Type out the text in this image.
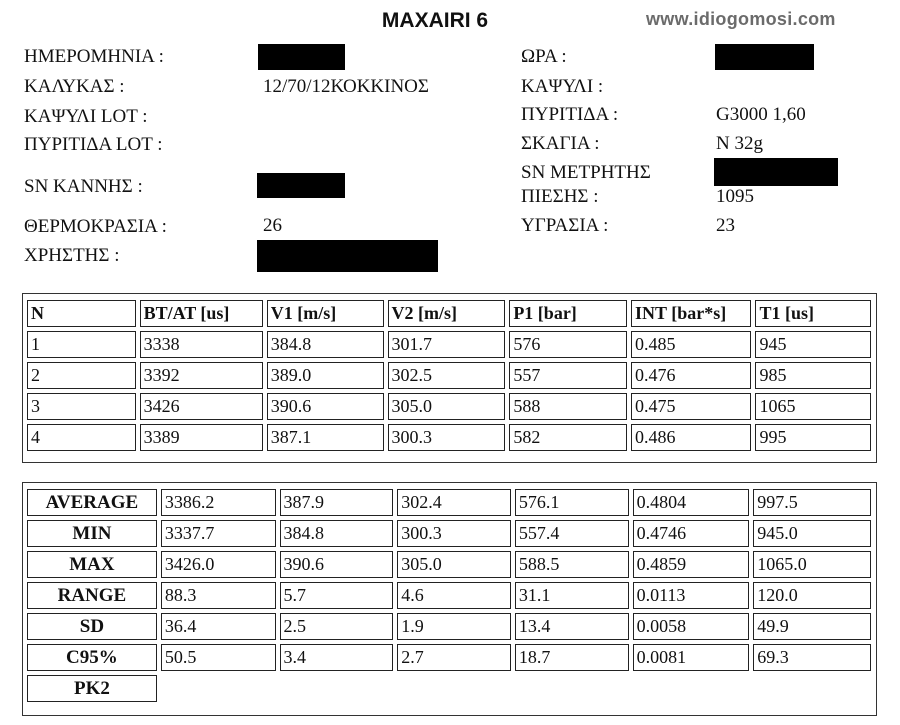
MAXAIRI 6	www.idiogomosi.com
ΗΜΕΡΟΜΗΝΙΑ :
ΚΑΛΥΚΑΣ :	12/70/12ΚΟΚΚΙΝΟΣ
ΚΑΨΥΛΙ LOT :
ΠΥΡΙΤΙΔΑ LOT :
SN ΚΑΝΝΗΣ :
ΘΕΡΜΟΚΡΑΣΙΑ :	26
ΧΡΗΣΤΗΣ :
ΩΡΑ :
ΚΑΨΥΛΙ :
ΠΥΡΙΤΙΔΑ :	G3000 1,60
ΣΚΑΓΙΑ :	N 32g
SN ΜΕΤΡΗΤΗΣ
ΠΙΕΣΗΣ :	1095
ΥΓΡΑΣΙΑ :	23
N	BT/AT [us]	V1 [m/s]	V2 [m/s]	P1 [bar]	INT [bar*s]	T1 [us]
1	3338	384.8	301.7	576	0.485	945
2	3392	389.0	302.5	557	0.476	985
3	3426	390.6	305.0	588	0.475	1065
4	3389	387.1	300.3	582	0.486	995
AVERAGE	3386.2	387.9	302.4	576.1	0.4804	997.5
MIN	3337.7	384.8	300.3	557.4	0.4746	945.0
MAX	3426.0	390.6	305.0	588.5	0.4859	1065.0
RANGE	88.3	5.7	4.6	31.1	0.0113	120.0
SD	36.4	2.5	1.9	13.4	0.0058	49.9
C95%	50.5	3.4	2.7	18.7	0.0081	69.3
PK2						
